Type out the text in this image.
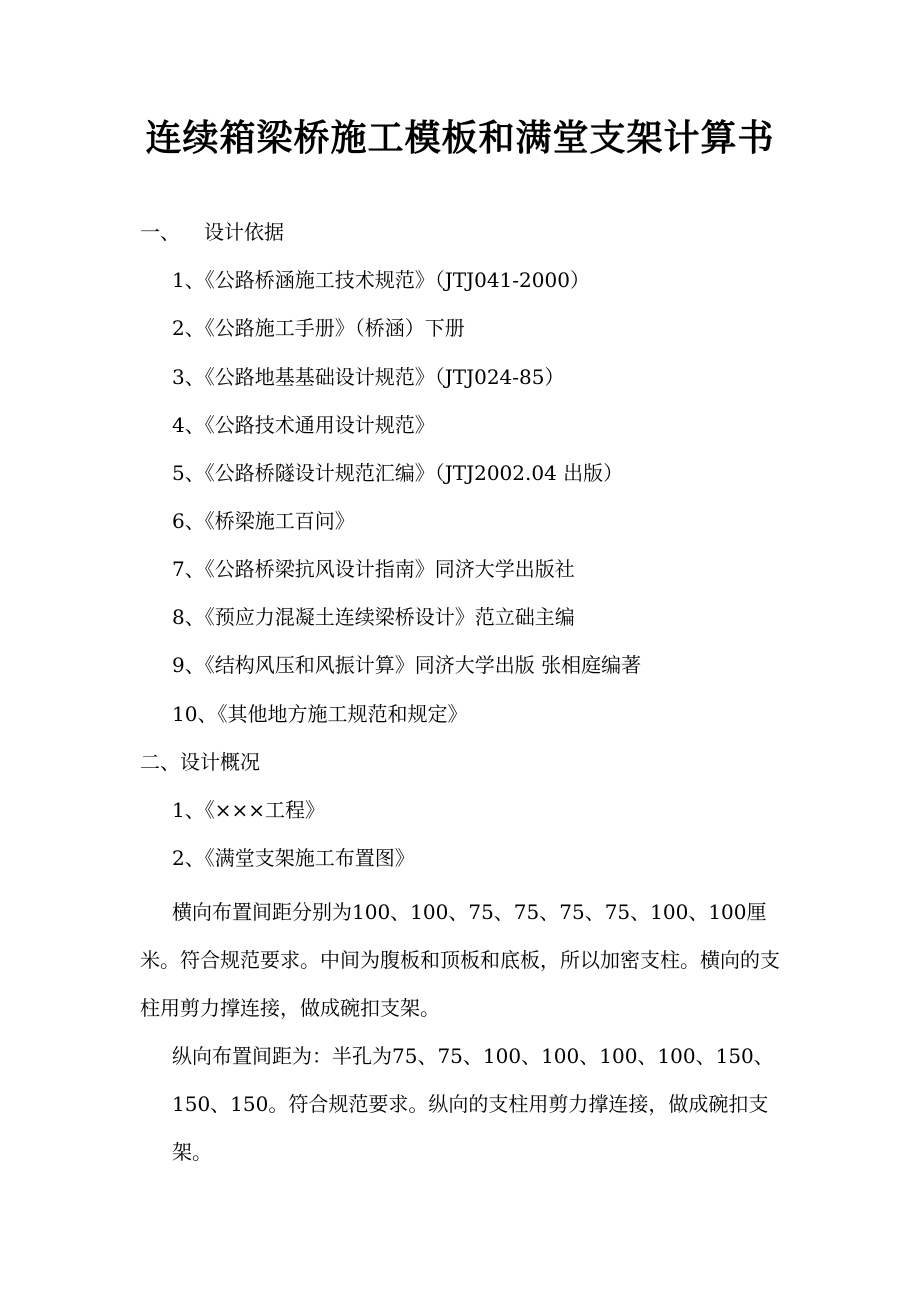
连续箱梁桥施工模板和满堂支架计算书
一、 设计依据
1、《公路桥涵施工技术规范》（JTJ041-2000）
2、《公路施工手册》（桥涵）下册
3、《公路地基基础设计规范》（JTJ024-85）
4、《公路技术通用设计规范》
5、《公路桥隧设计规范汇编》（JTJ2002.04 出版）
6、《桥梁施工百问》
7、《公路桥梁抗风设计指南》同济大学出版社
8、《预应力混凝土连续梁桥设计》范立础主编
9、《结构风压和风振计算》同济大学出版 张相庭编著
10、《其他地方施工规范和规定》
二、设计概况
1、《×××工程》
2、《满堂支架施工布置图》
横向布置间距分别为100、100、75、75、75、75、100、100厘米。符合规范要求。中间为腹板和顶板和底板，所以加密支柱。横向的支柱用剪力撑连接，做成碗扣支架。
纵向布置间距为：半孔为75、75、100、100、100、100、150、150、150。符合规范要求。纵向的支柱用剪力撑连接，做成碗扣支架。
